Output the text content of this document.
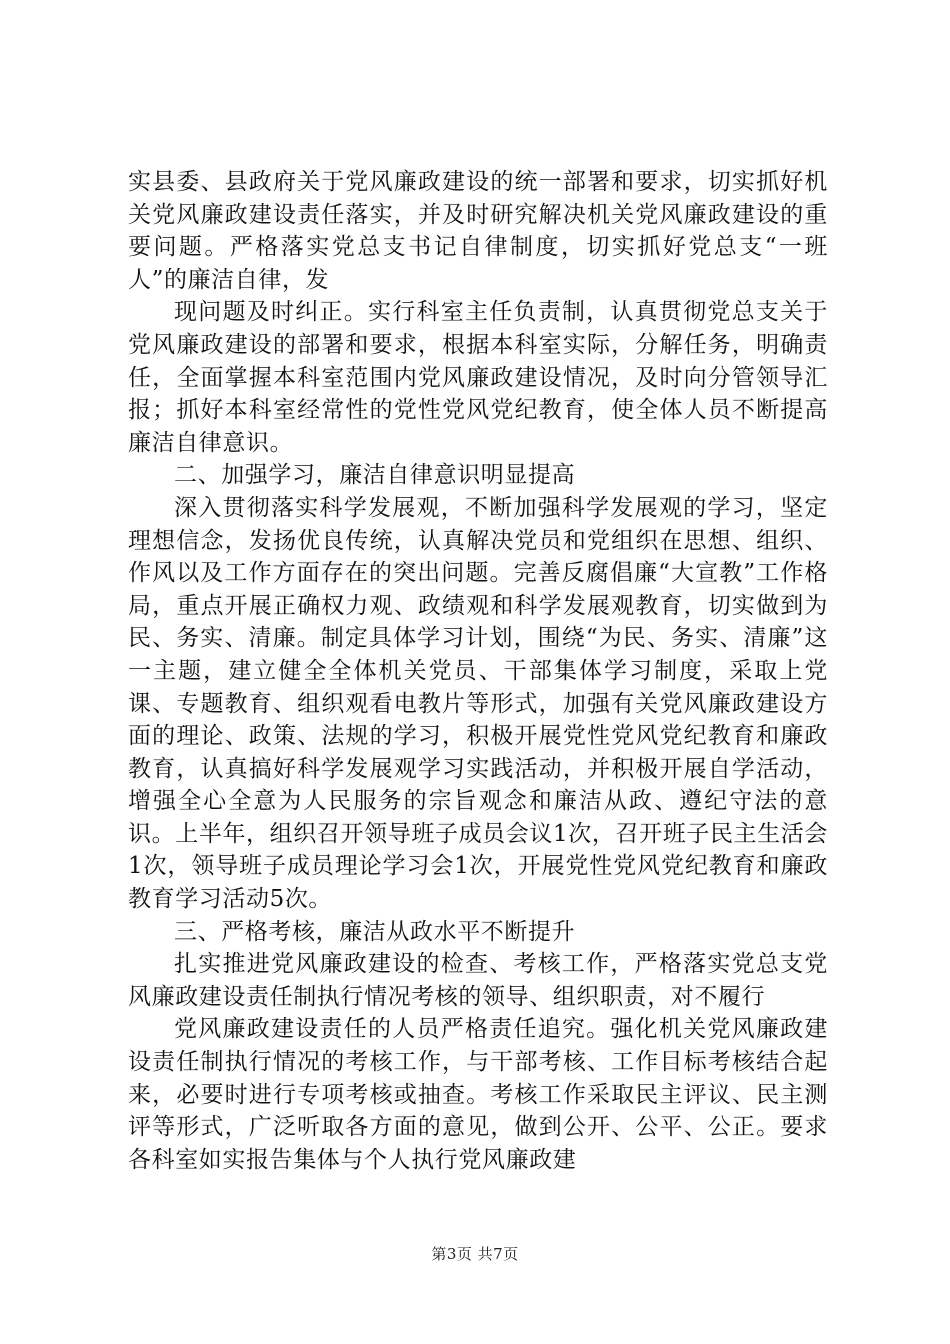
实县委、县政府关于党风廉政建设的统一部署和要求，切实抓好机关党风廉政建设责任落实，并及时研究解决机关党风廉政建设的重要问题。严格落实党总支书记自律制度，切实抓好党总支“一班人”的廉洁自律，发

现问题及时纠正。实行科室主任负责制，认真贯彻党总支关于党风廉政建设的部署和要求，根据本科室实际，分解任务，明确责任，全面掌握本科室范围内党风廉政建设情况，及时向分管领导汇报；抓好本科室经常性的党性党风党纪教育，使全体人员不断提高廉洁自律意识。

二、加强学习，廉洁自律意识明显提高

深入贯彻落实科学发展观，不断加强科学发展观的学习，坚定理想信念，发扬优良传统，认真解决党员和党组织在思想、组织、作风以及工作方面存在的突出问题。完善反腐倡廉“大宣教”工作格局，重点开展正确权力观、政绩观和科学发展观教育，切实做到为民、务实、清廉。制定具体学习计划，围绕“为民、务实、清廉”这一主题，建立健全全体机关党员、干部集体学习制度，采取上党课、专题教育、组织观看电教片等形式，加强有关党风廉政建设方面的理论、政策、法规的学习，积极开展党性党风党纪教育和廉政教育，认真搞好科学发展观学习实践活动，并积极开展自学活动，增强全心全意为人民服务的宗旨观念和廉洁从政、遵纪守法的意识。上半年，组织召开领导班子成员会议1次，召开班子民主生活会1次，领导班子成员理论学习会1次，开展党性党风党纪教育和廉政教育学习活动5次。

三、严格考核，廉洁从政水平不断提升

扎实推进党风廉政建设的检查、考核工作，严格落实党总支党风廉政建设责任制执行情况考核的领导、组织职责，对不履行

党风廉政建设责任的人员严格责任追究。强化机关党风廉政建设责任制执行情况的考核工作，与干部考核、工作目标考核结合起来，必要时进行专项考核或抽查。考核工作采取民主评议、民主测评等形式，广泛听取各方面的意见，做到公开、公平、公正。要求各科室如实报告集体与个人执行党风廉政建

第3页 共7页
